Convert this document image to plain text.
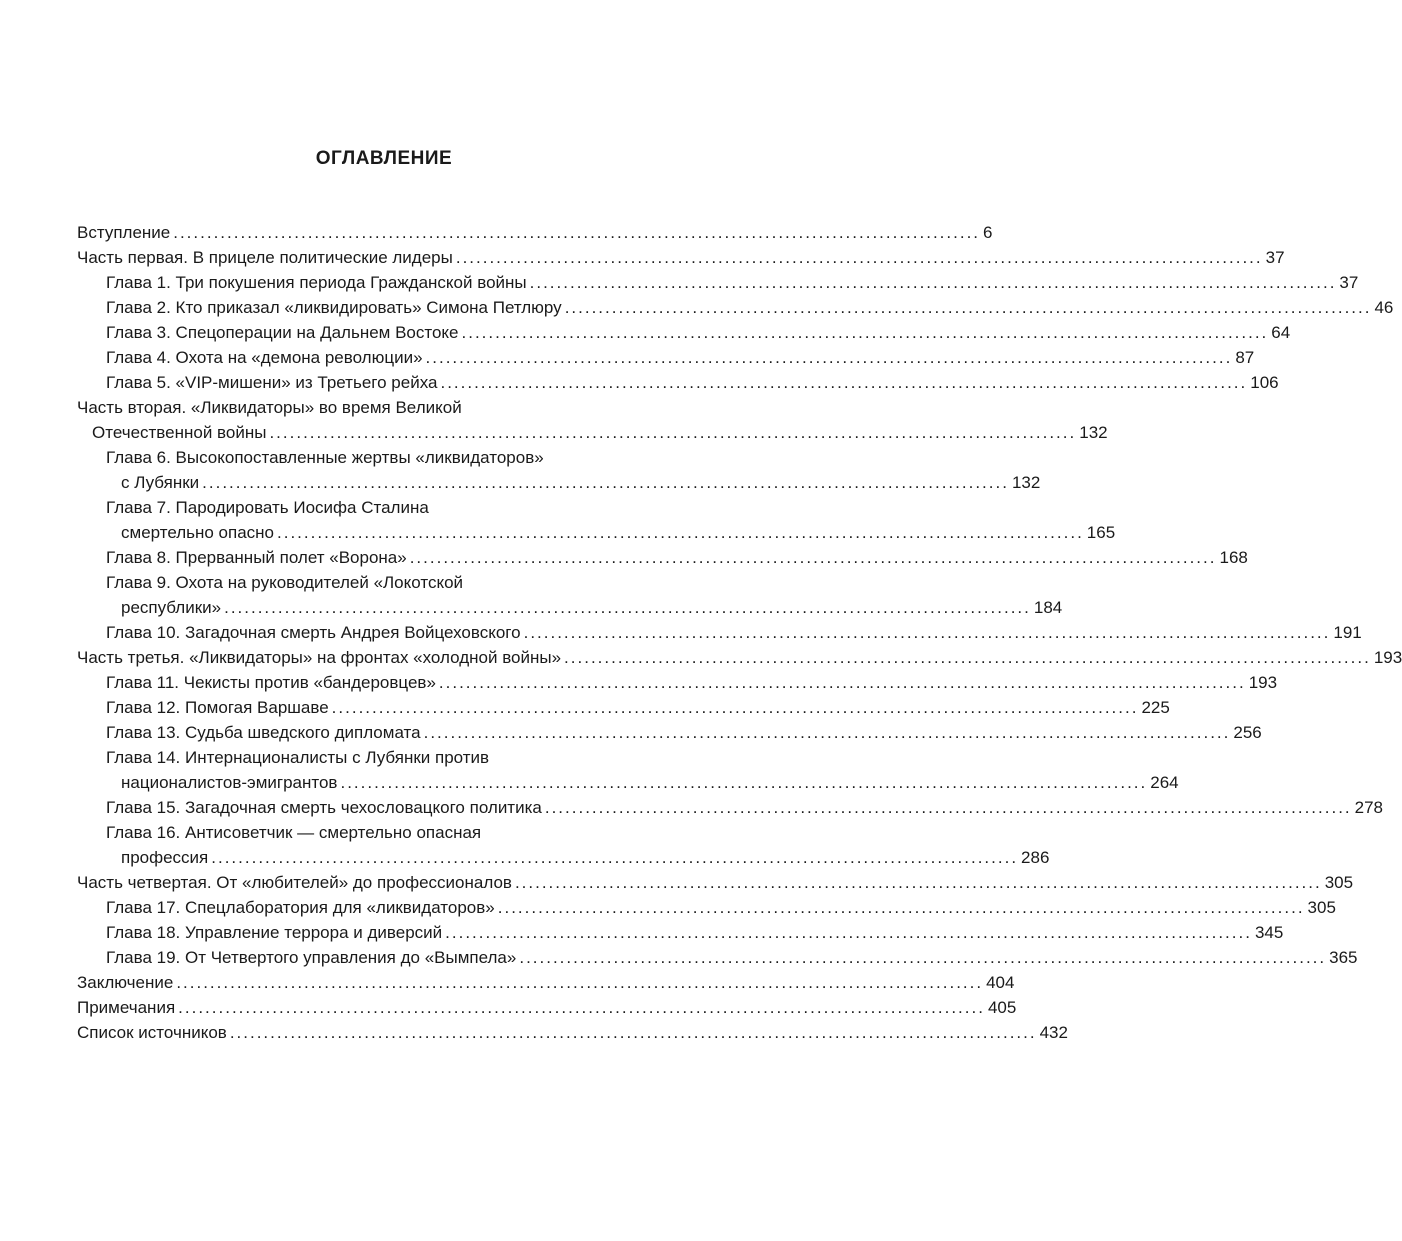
ОГЛАВЛЕНИЕ
Вступление ........................................................................................................................ 6
Часть первая. В прицеле политические лидеры ........................................................................................................................ 37
Глава 1. Три покушения периода Гражданской войны ........................................................................................................................ 37
Глава 2. Кто приказал «ликвидировать» Симона Петлюру ........................................................................................................................ 46
Глава 3. Спецоперации на Дальнем Востоке ........................................................................................................................ 64
Глава 4. Охота на «демона революции» ........................................................................................................................ 87
Глава 5. «VIP-мишени» из Третьего рейха ........................................................................................................................ 106
Часть вторая. «Ликвидаторы» во время Великой
Отечественной войны ........................................................................................................................ 132
Глава 6. Высокопоставленные жертвы «ликвидаторов»
с Лубянки ........................................................................................................................ 132
Глава 7. Пародировать Иосифа Сталина
смертельно опасно ........................................................................................................................ 165
Глава 8. Прерванный полет «Ворона» ........................................................................................................................ 168
Глава 9. Охота на руководителей «Локотской
республики» ........................................................................................................................ 184
Глава 10. Загадочная смерть Андрея Войцеховского ........................................................................................................................ 191
Часть третья. «Ликвидаторы» на фронтах «холодной войны» ........................................................................................................................ 193
Глава 11. Чекисты против «бандеровцев» ........................................................................................................................ 193
Глава 12. Помогая Варшаве ........................................................................................................................ 225
Глава 13. Судьба шведского дипломата ........................................................................................................................ 256
Глава 14. Интернационалисты с Лубянки против
националистов-эмигрантов ........................................................................................................................ 264
Глава 15. Загадочная смерть чехословацкого политика ........................................................................................................................ 278
Глава 16. Антисоветчик — смертельно опасная
профессия ........................................................................................................................ 286
Часть четвертая. От «любителей» до профессионалов ........................................................................................................................ 305
Глава 17. Спецлаборатория для «ликвидаторов» ........................................................................................................................ 305
Глава 18. Управление террора и диверсий ........................................................................................................................ 345
Глава 19. От Четвертого управления до «Вымпела» ........................................................................................................................ 365
Заключение ........................................................................................................................ 404
Примечания ........................................................................................................................ 405
Список источников ........................................................................................................................ 432
